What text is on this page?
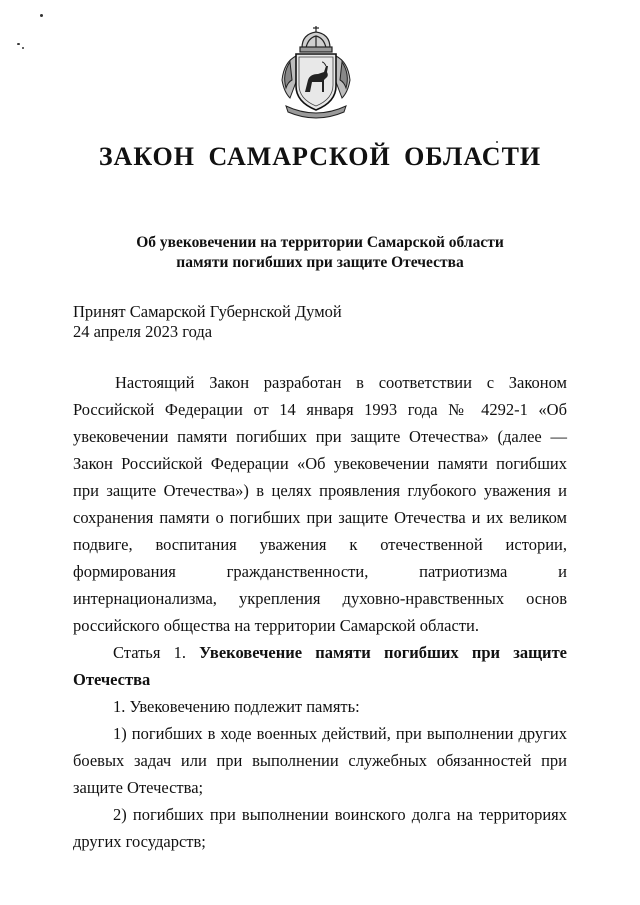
ЗАКОН САМАРСКОЙ ОБЛАСТИ
Об увековечении на территории Самарской области
памяти погибших при защите Отечества
Принят Самарской Губернской Думой
24 апреля 2023 года

Настоящий Закон разработан в соответствии с Законом Российской Федерации от 14 января 1993 года № 4292-1 «Об увековечении памяти погибших при защите Отечества» (далее — Закон Российской Федерации «Об увековечении памяти погибших при защите Отечества») в целях проявления глубокого уважения и сохранения памяти о погибших при защите Отечества и их великом подвиге, воспитания уважения к отечественной истории, формирования гражданственности, патриотизма и интернационализма, укрепления духовно-нравственных основ российского общества на территории Самарской области.

Статья 1. Увековечение памяти погибших при защите Отечества

1. Увековечению подлежит память:

1) погибших в ходе военных действий, при выполнении других боевых задач или при выполнении служебных обязанностей при защите Отечества;

2) погибших при выполнении воинского долга на территориях других государств;
